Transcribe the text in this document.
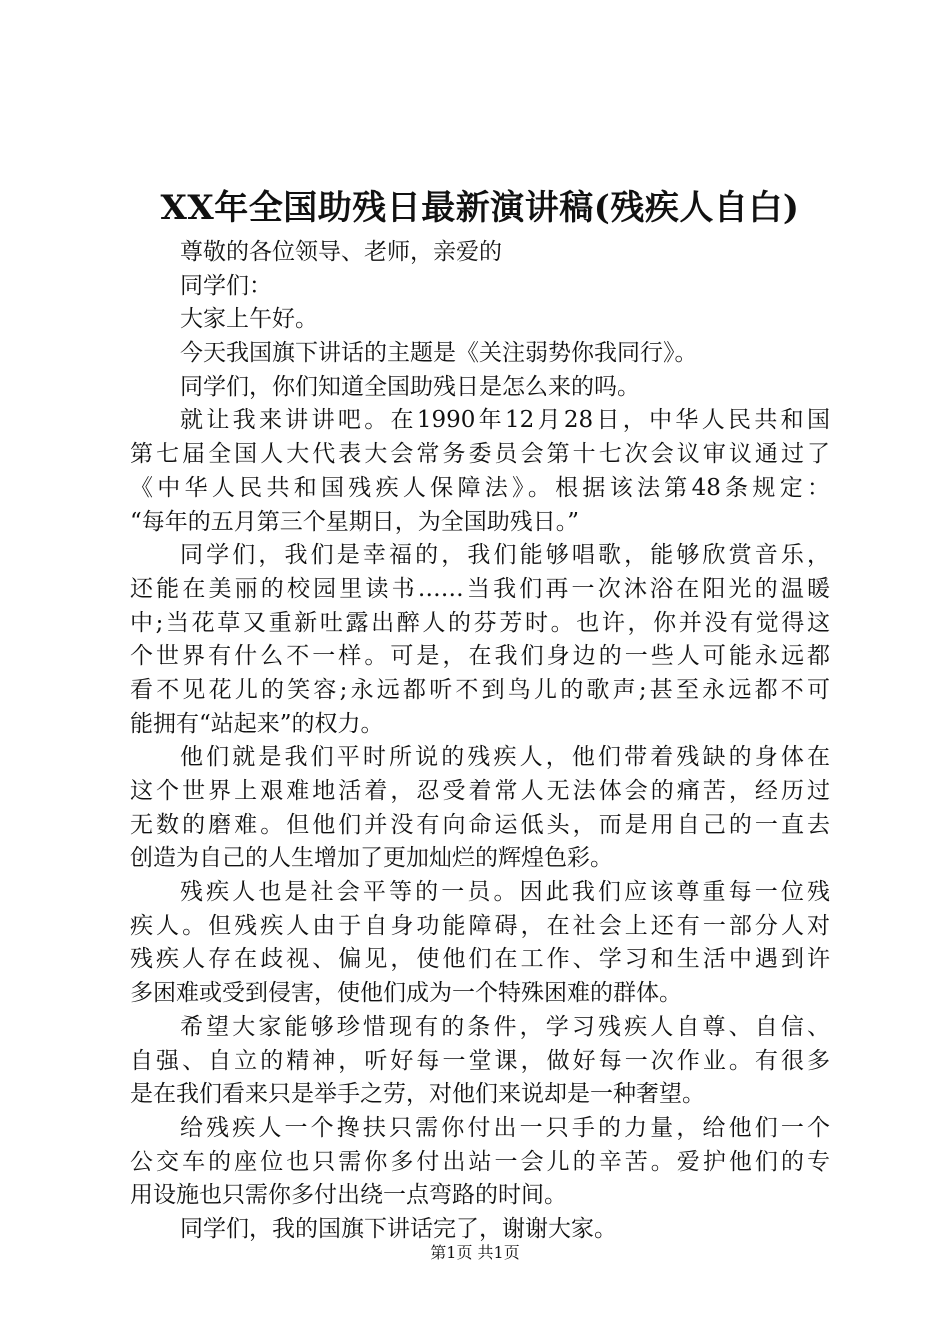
XX年全国助残日最新演讲稿(残疾人自白)
尊敬的各位领导、老师，亲爱的
同学们：
大家上午好。
今天我国旗下讲话的主题是《关注弱势你我同行》。
同学们，你们知道全国助残日是怎么来的吗。
就让我来讲讲吧。在1990年12月28日，中华人民共和国
第七届全国人大代表大会常务委员会第十七次会议审议通过了
《中华人民共和国残疾人保障法》。根据该法第48条规定：
“每年的五月第三个星期日，为全国助残日。”
同学们，我们是幸福的，我们能够唱歌，能够欣赏音乐，
还能在美丽的校园里读书……当我们再一次沐浴在阳光的温暖
中;当花草又重新吐露出醉人的芬芳时。也许，你并没有觉得这
个世界有什么不一样。可是，在我们身边的一些人可能永远都
看不见花儿的笑容;永远都听不到鸟儿的歌声;甚至永远都不可
能拥有“站起来”的权力。
他们就是我们平时所说的残疾人，他们带着残缺的身体在
这个世界上艰难地活着，忍受着常人无法体会的痛苦，经历过
无数的磨难。但他们并没有向命运低头，而是用自己的一直去
创造为自己的人生增加了更加灿烂的辉煌色彩。
残疾人也是社会平等的一员。因此我们应该尊重每一位残
疾人。但残疾人由于自身功能障碍，在社会上还有一部分人对
残疾人存在歧视、偏见，使他们在工作、学习和生活中遇到许
多困难或受到侵害，使他们成为一个特殊困难的群体。
希望大家能够珍惜现有的条件，学习残疾人自尊、自信、
自强、自立的精神，听好每一堂课，做好每一次作业。有很多
是在我们看来只是举手之劳，对他们来说却是一种奢望。
给残疾人一个搀扶只需你付出一只手的力量，给他们一个
公交车的座位也只需你多付出站一会儿的辛苦。爱护他们的专
用设施也只需你多付出绕一点弯路的时间。
同学们，我的国旗下讲话完了，谢谢大家。
第1页 共1页
